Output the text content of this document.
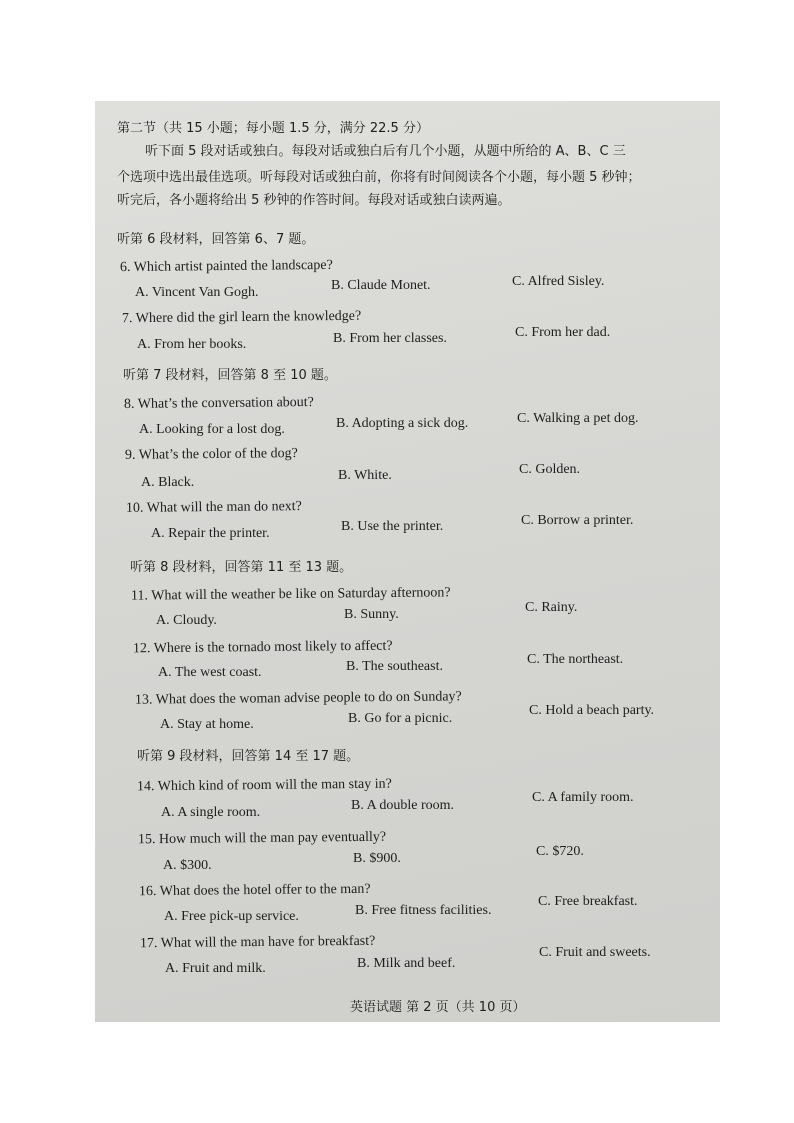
第二节（共 15 小题；每小题 1.5 分，满分 22.5 分）
听下面 5 段对话或独白。每段对话或独白后有几个小题，从题中所给的 A、B、C 三
个选项中选出最佳选项。听每段对话或独白前，你将有时间阅读各个小题，每小题 5 秒钟；
听完后，各小题将给出 5 秒钟的作答时间。每段对话或独白读两遍。
听第 6 段材料，回答第 6、7 题。
6. Which artist painted the landscape?
A. Vincent Van Gogh.	B. Claude Monet.	C. Alfred Sisley.
7. Where did the girl learn the knowledge?
A. From her books.	B. From her classes.	C. From her dad.
听第 7 段材料，回答第 8 至 10 题。
8. What’s the conversation about?
A. Looking for a lost dog.	B. Adopting a sick dog.	C. Walking a pet dog.
9. What’s the color of the dog?
A. Black.	B. White.	C. Golden.
10. What will the man do next?
A. Repair the printer.	B. Use the printer.	C. Borrow a printer.
听第 8 段材料，回答第 11 至 13 题。
11. What will the weather be like on Saturday afternoon?
A. Cloudy.	B. Sunny.	C. Rainy.
12. Where is the tornado most likely to affect?
A. The west coast.	B. The southeast.	C. The northeast.
13. What does the woman advise people to do on Sunday?
A. Stay at home.	B. Go for a picnic.
C. Hold a beach party.
听第 9 段材料，回答第 14 至 17 题。
14. Which kind of room will the man stay in?
A. A single room.	B. A double room.
C. A family room.
15. How much will the man pay eventually?
A. $300.	B. $900.	C. $720.
16. What does the hotel offer to the man?
A. Free pick-up service.	B. Free fitness facilities.
C. Free breakfast.
17. What will the man have for breakfast?
A. Fruit and milk.	B. Milk and beef.
C. Fruit and sweets.
英语试题 第 2 页（共 10 页）
